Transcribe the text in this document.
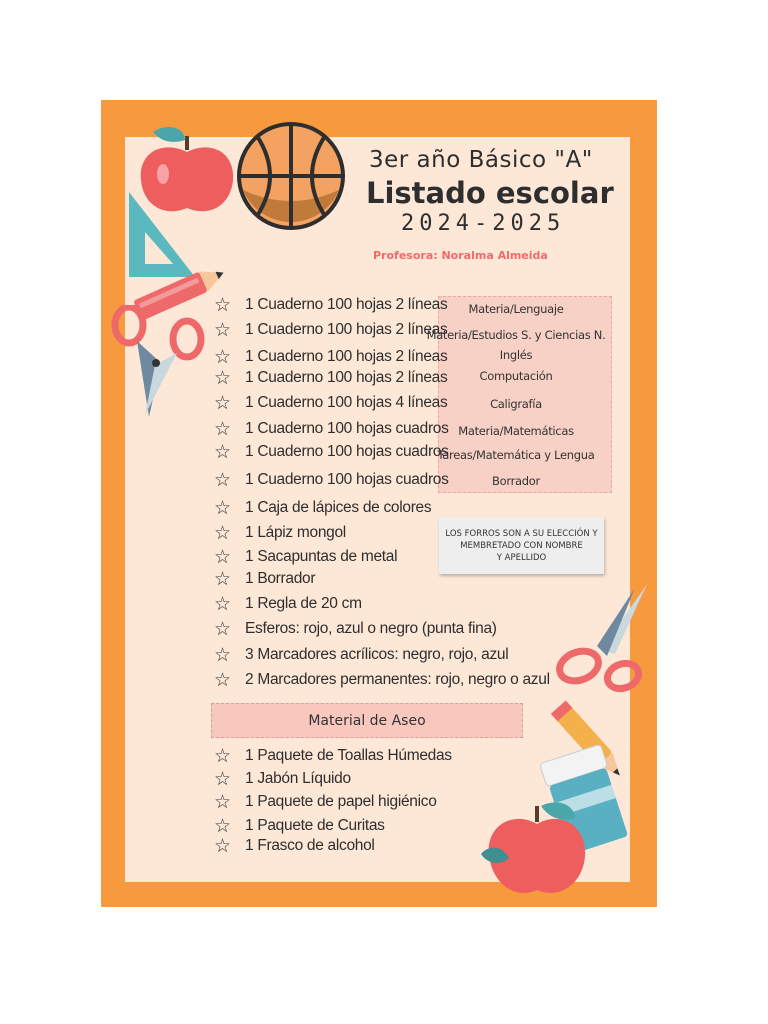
3er año Básico "A"
Listado escolar
2024-2025
Profesora: Noralma Almeida
Materia/Lenguaje
Materia/Estudios S. y Ciencias N.
Inglés
Computación
Caligrafía
Materia/Matemáticas
Tareas/Matemática y Lengua
Borrador
☆ 1 Cuaderno 100 hojas 2 líneas
☆ 1 Cuaderno 100 hojas 2 líneas
☆ 1 Cuaderno 100 hojas 2 líneas
☆ 1 Cuaderno 100 hojas 2 líneas
☆ 1 Cuaderno 100 hojas 4 líneas
☆ 1 Cuaderno 100 hojas cuadros
☆ 1 Cuaderno 100 hojas cuadros
☆ 1 Cuaderno 100 hojas cuadros
☆ 1 Caja de lápices de colores
☆ 1 Lápiz mongol
☆ 1 Sacapuntas de metal
☆ 1 Borrador
☆ 1 Regla de 20 cm
☆ Esferos: rojo, azul o negro (punta fina)
☆ 3 Marcadores acrílicos: negro, rojo, azul
☆ 2 Marcadores permanentes: rojo, negro o azul
LOS FORROS SON A SU ELECCIÓN Y
MEMBRETADO CON NOMBRE
Y APELLIDO
Material de Aseo
☆ 1 Paquete de Toallas Húmedas
☆ 1 Jabón Líquido
☆ 1 Paquete de papel higiénico
☆ 1 Paquete de Curitas
☆ 1 Frasco de alcohol
